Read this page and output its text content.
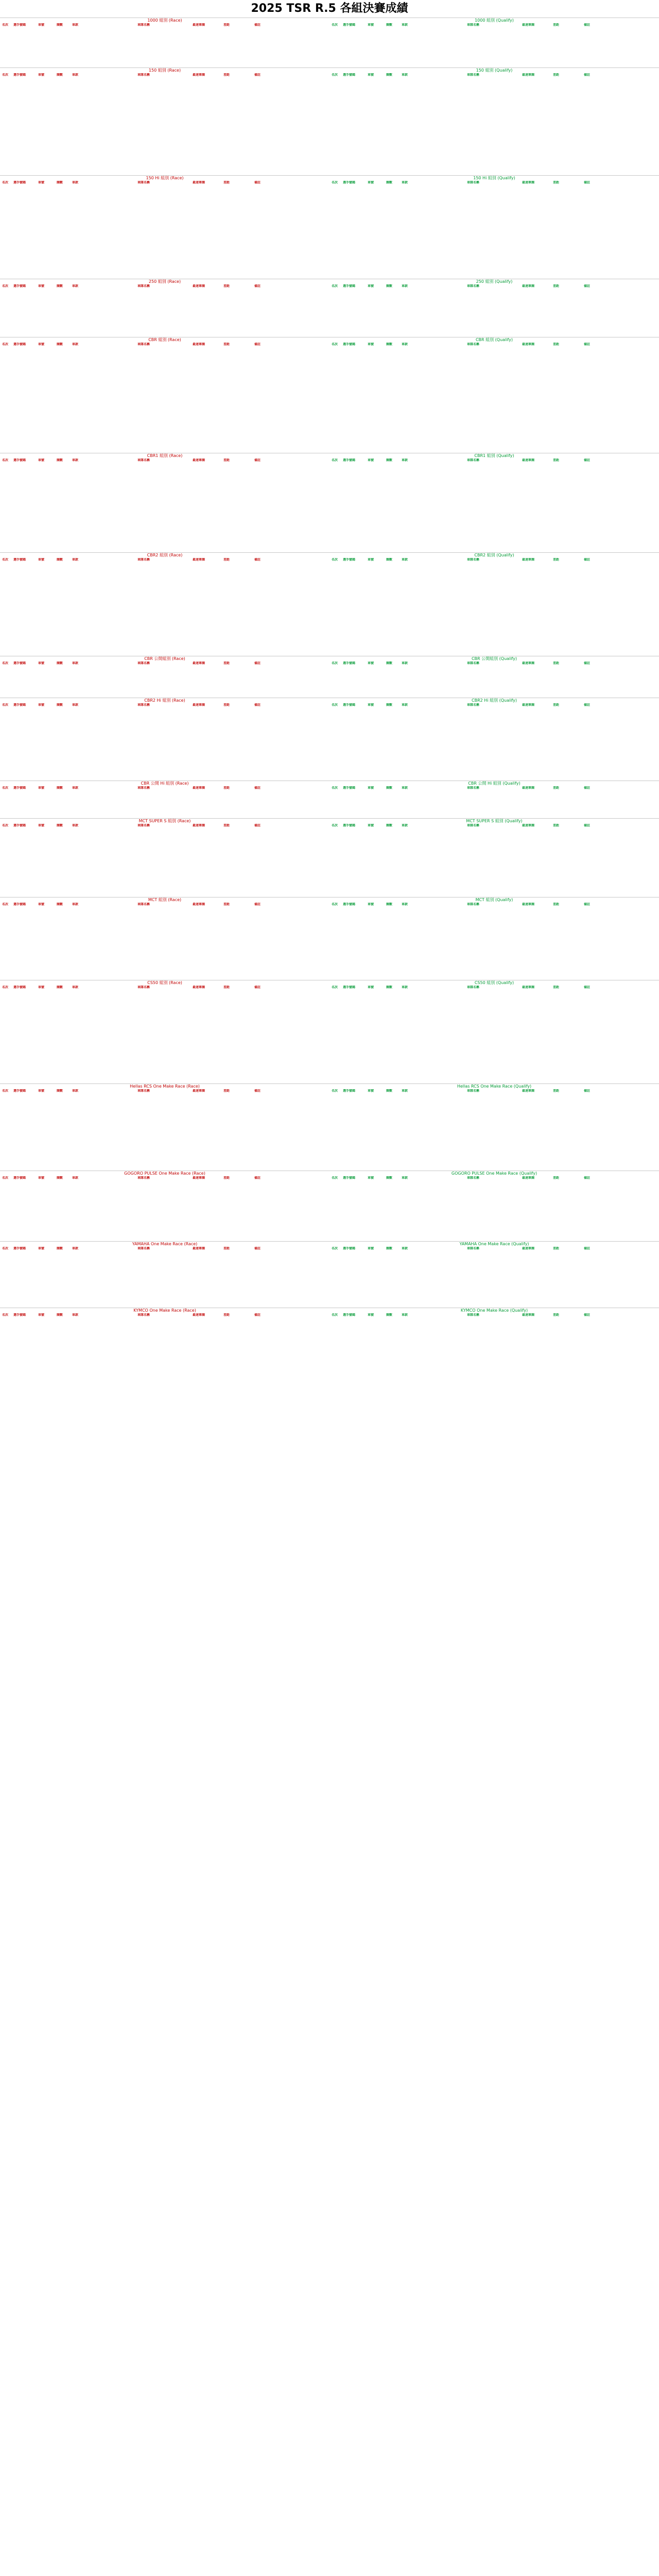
2025 TSR R.5 各組決賽成績
1000 組別 (Race)	1000 組別 (Qualify)
名次	選手號碼	車號	圈數	車款	車隊名稱	最速單圈	差距	備註	名次	選手號碼	車號	圈數	車款	車隊名稱	最速單圈	差距	備註
150 組別 (Race)	150 組別 (Qualify)
名次	選手號碼	車號	圈數	車款	車隊名稱	最速單圈	差距	備註	名次	選手號碼	車號	圈數	車款	車隊名稱	最速單圈	差距	備註
150 Hi 組別 (Race)	150 Hi 組別 (Qualify)
名次	選手號碼	車號	圈數	車款	車隊名稱	最速單圈	差距	備註	名次	選手號碼	車號	圈數	車款	車隊名稱	最速單圈	差距	備註
250 組別 (Race)	250 組別 (Qualify)
名次	選手號碼	車號	圈數	車款	車隊名稱	最速單圈	差距	備註	名次	選手號碼	車號	圈數	車款	車隊名稱	最速單圈	差距	備註
CBR 組別 (Race)	CBR 組別 (Qualify)
名次	選手號碼	車號	圈數	車款	車隊名稱	最速單圈	差距	備註	名次	選手號碼	車號	圈數	車款	車隊名稱	最速單圈	差距	備註
CBR1 組別 (Race)	CBR1 組別 (Qualify)
名次	選手號碼	車號	圈數	車款	車隊名稱	最速單圈	差距	備註	名次	選手號碼	車號	圈數	車款	車隊名稱	最速單圈	差距	備註
CBR2 組別 (Race)	CBR2 組別 (Qualify)
名次	選手號碼	車號	圈數	車款	車隊名稱	最速單圈	差距	備註	名次	選手號碼	車號	圈數	車款	車隊名稱	最速單圈	差距	備註
CBR 公開組別 (Race)	CBR 公開組別 (Qualify)
名次	選手號碼	車號	圈數	車款	車隊名稱	最速單圈	差距	備註	名次	選手號碼	車號	圈數	車款	車隊名稱	最速單圈	差距	備註
CBR2 Hi 組別 (Race)	CBR2 Hi 組別 (Qualify)
名次	選手號碼	車號	圈數	車款	車隊名稱	最速單圈	差距	備註	名次	選手號碼	車號	圈數	車款	車隊名稱	最速單圈	差距	備註
CBR 公開 Hi 組別 (Race)	CBR 公開 Hi 組別 (Qualify)
名次	選手號碼	車號	圈數	車款	車隊名稱	最速單圈	差距	備註	名次	選手號碼	車號	圈數	車款	車隊名稱	最速單圈	差距	備註
MCT SUPER S 組別 (Race)	MCT SUPER S 組別 (Qualify)
名次	選手號碼	車號	圈數	車款	車隊名稱	最速單圈	差距	備註	名次	選手號碼	車號	圈數	車款	車隊名稱	最速單圈	差距	備註
MCT 組別 (Race)	MCT 組別 (Qualify)
名次	選手號碼	車號	圈數	車款	車隊名稱	最速單圈	差距	備註	名次	選手號碼	車號	圈數	車款	車隊名稱	最速單圈	差距	備註
CS50 組別 (Race)	CS50 組別 (Qualify)
名次	選手號碼	車號	圈數	車款	車隊名稱	最速單圈	差距	備註	名次	選手號碼	車號	圈數	車款	車隊名稱	最速單圈	差距	備註
Hellas RCS One Make Race (Race)	Hellas RCS One Make Race (Qualify)
名次	選手號碼	車號	圈數	車款	車隊名稱	最速單圈	差距	備註	名次	選手號碼	車號	圈數	車款	車隊名稱	最速單圈	差距	備註
GOGORO PULSE One Make Race (Race)	GOGORO PULSE One Make Race (Qualify)
名次	選手號碼	車號	圈數	車款	車隊名稱	最速單圈	差距	備註	名次	選手號碼	車號	圈數	車款	車隊名稱	最速單圈	差距	備註
YAMAHA One Make Race (Race)	YAMAHA One Make Race (Qualify)
名次	選手號碼	車號	圈數	車款	車隊名稱	最速單圈	差距	備註	名次	選手號碼	車號	圈數	車款	車隊名稱	最速單圈	差距	備註
KYMCO One Make Race (Race)	KYMCO One Make Race (Qualify)
名次	選手號碼	車號	圈數	車款	車隊名稱	最速單圈	差距	備註	名次	選手號碼	車號	圈數	車款	車隊名稱	最速單圈	差距	備註
